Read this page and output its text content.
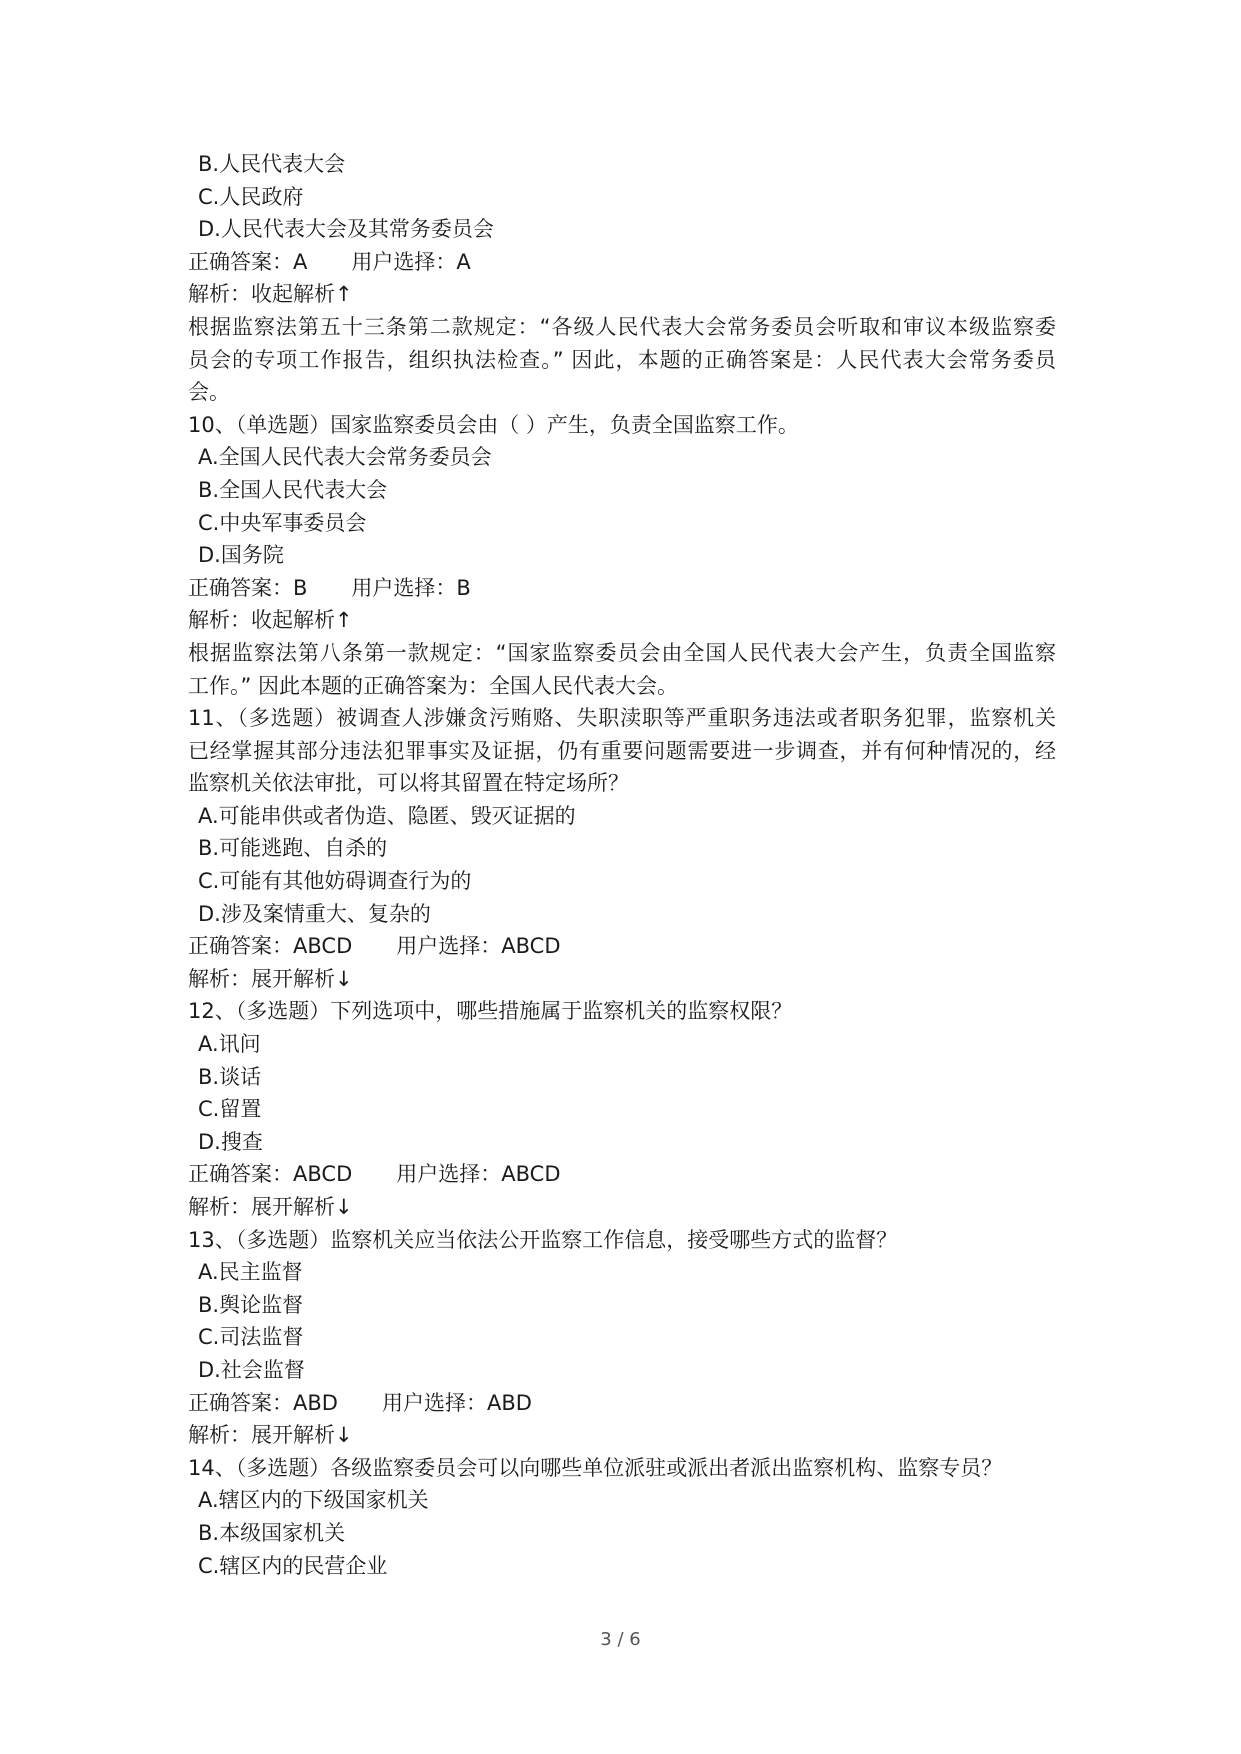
B.人民代表大会
C.人民政府
D.人民代表大会及其常务委员会
正确答案：A 用户选择：A
解析：收起解析↑
根据监察法第五十三条第二款规定：“各级人民代表大会常务委员会听取和审议本级监察委
员会的专项工作报告，组织执法检查。” 因此，本题的正确答案是：人民代表大会常务委员
会。
10、（单选题）国家监察委员会由（ ）产生，负责全国监察工作。
A.全国人民代表大会常务委员会
B.全国人民代表大会
C.中央军事委员会
D.国务院
正确答案：B 用户选择：B
解析：收起解析↑
根据监察法第八条第一款规定：“国家监察委员会由全国人民代表大会产生，负责全国监察
工作。” 因此本题的正确答案为：全国人民代表大会。
11、（多选题）被调查人涉嫌贪污贿赂、失职渎职等严重职务违法或者职务犯罪，监察机关
已经掌握其部分违法犯罪事实及证据，仍有重要问题需要进一步调查，并有何种情况的，经
监察机关依法审批，可以将其留置在特定场所？
A.可能串供或者伪造、隐匿、毁灭证据的
B.可能逃跑、自杀的
C.可能有其他妨碍调查行为的
D.涉及案情重大、复杂的
正确答案：ABCD 用户选择：ABCD
解析：展开解析↓
12、（多选题）下列选项中，哪些措施属于监察机关的监察权限？
A.讯问
B.谈话
C.留置
D.搜查
正确答案：ABCD 用户选择：ABCD
解析：展开解析↓
13、（多选题）监察机关应当依法公开监察工作信息，接受哪些方式的监督？
A.民主监督
B.舆论监督
C.司法监督
D.社会监督
正确答案：ABD 用户选择：ABD
解析：展开解析↓
14、（多选题）各级监察委员会可以向哪些单位派驻或派出者派出监察机构、监察专员？
A.辖区内的下级国家机关
B.本级国家机关
C.辖区内的民营企业
3 / 6
